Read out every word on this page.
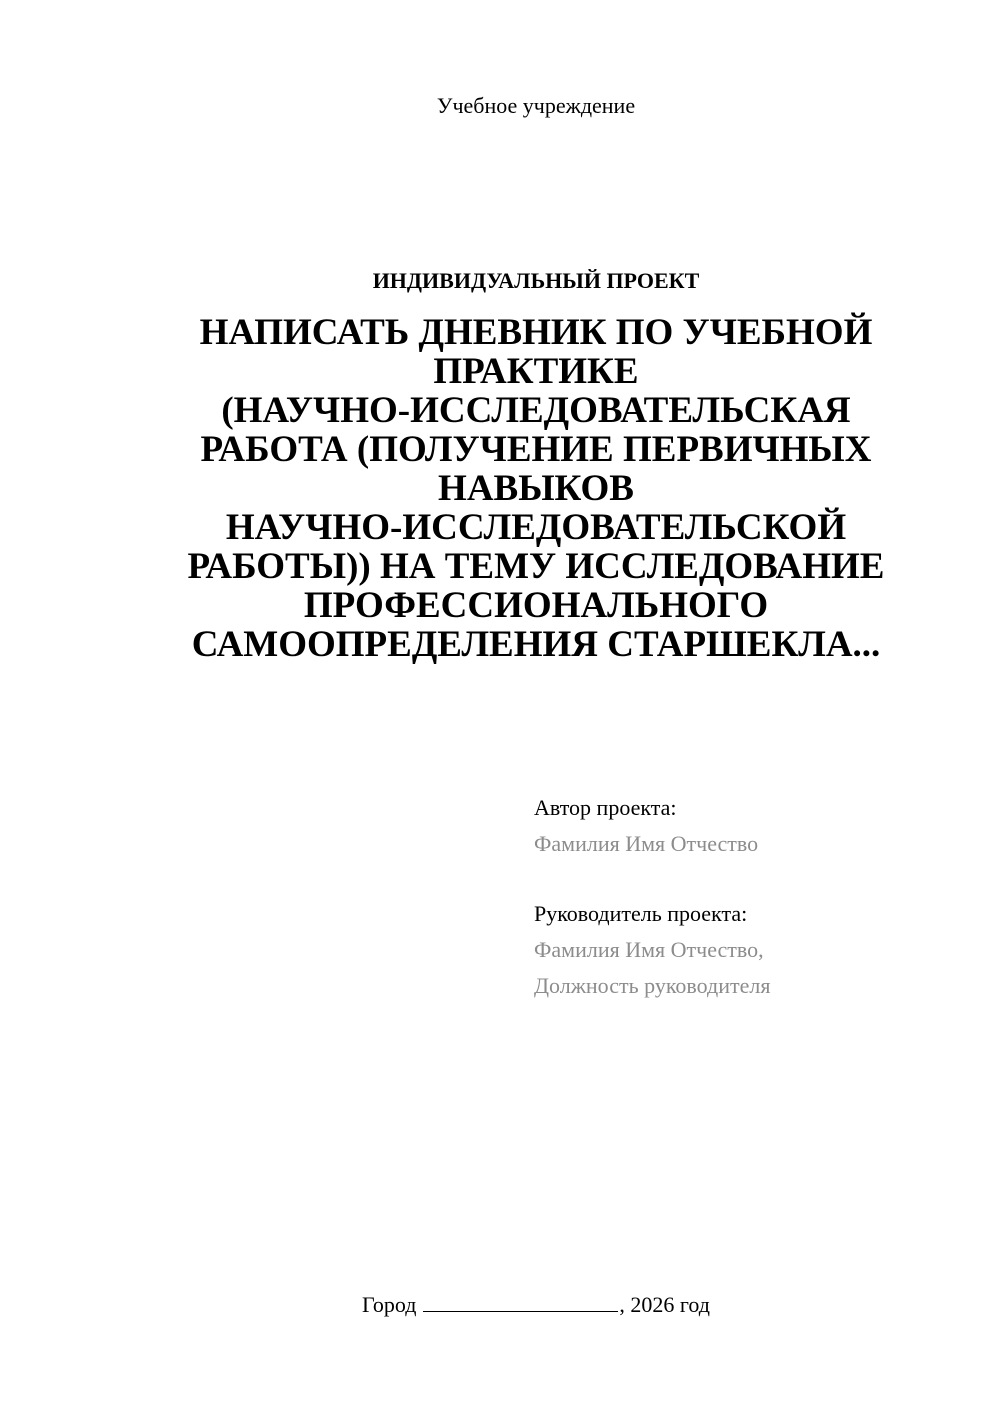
Учебное учреждение
ИНДИВИДУАЛЬНЫЙ ПРОЕКТ
НАПИСАТЬ ДНЕВНИК ПО УЧЕБНОЙ
ПРАКТИКЕ
(НАУЧНО-ИССЛЕДОВАТЕЛЬСКАЯ
РАБОТА (ПОЛУЧЕНИЕ ПЕРВИЧНЫХ
НАВЫКОВ
НАУЧНО-ИССЛЕДОВАТЕЛЬСКОЙ
РАБОТЫ)) НА ТЕМУ ИССЛЕДОВАНИЕ
ПРОФЕССИОНАЛЬНОГО
САМООПРЕДЕЛЕНИЯ СТАРШЕКЛА...
Автор проекта:
Фамилия Имя Отчество
Руководитель проекта:
Фамилия Имя Отчество,
Должность руководителя
Город	, 2026 год
